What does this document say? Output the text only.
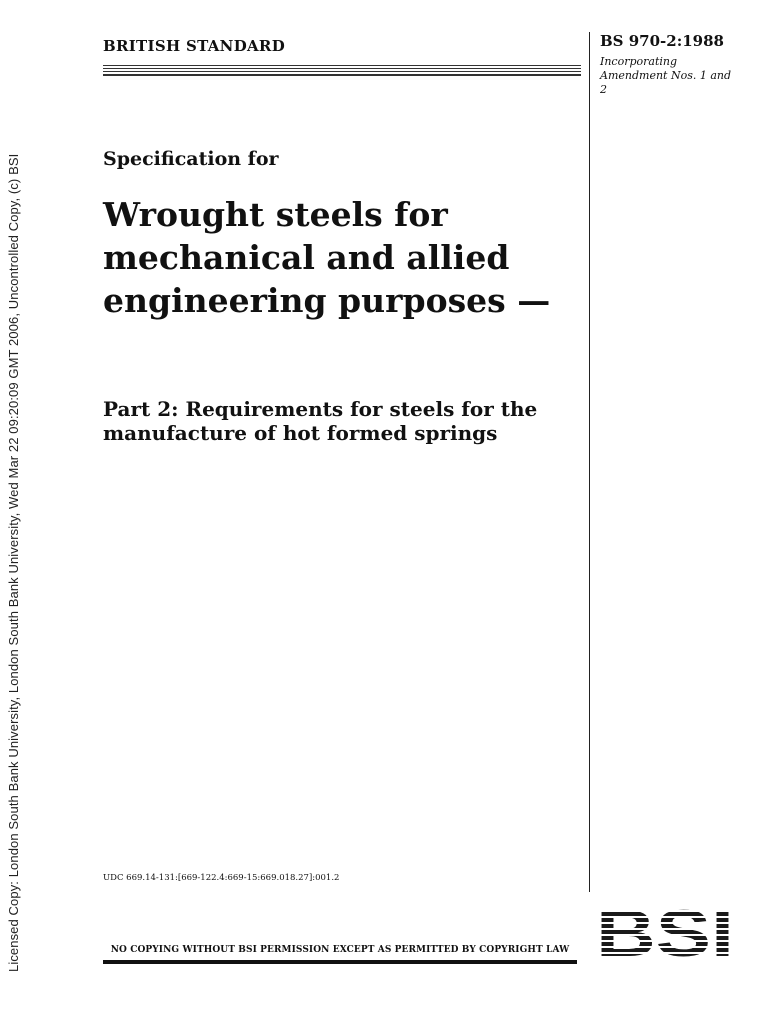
Licensed Copy: London South Bank University, London South Bank University, Wed Mar 22 09:20:09 GMT 2006, Uncontrolled Copy, (c) BSI
BRITISH STANDARD	BS 970-2:1988
Incorporating Amendment Nos. 1 and 2
Specification for
Wrought steels for mechanical and allied engineering purposes —
Part 2: Requirements for steels for the manufacture of hot formed springs
UDC 669.14-131:[669-122.4:669-15:669.018.27]:001.2
NO COPYING WITHOUT BSI PERMISSION EXCEPT AS PERMITTED BY COPYRIGHT LAW
